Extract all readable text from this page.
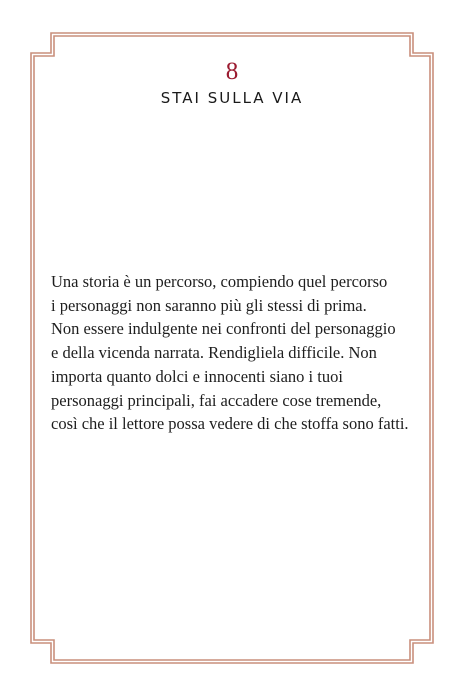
8
STAI SULLA VIA

Una storia è un percorso, compiendo quel percorso
i personaggi non saranno più gli stessi di prima.
Non essere indulgente nei confronti del personaggio
e della vicenda narrata. Rendigliela difficile. Non
importa quanto dolci e innocenti siano i tuoi
personaggi principali, fai accadere cose tremende,
così che il lettore possa vedere di che stoffa sono fatti.
